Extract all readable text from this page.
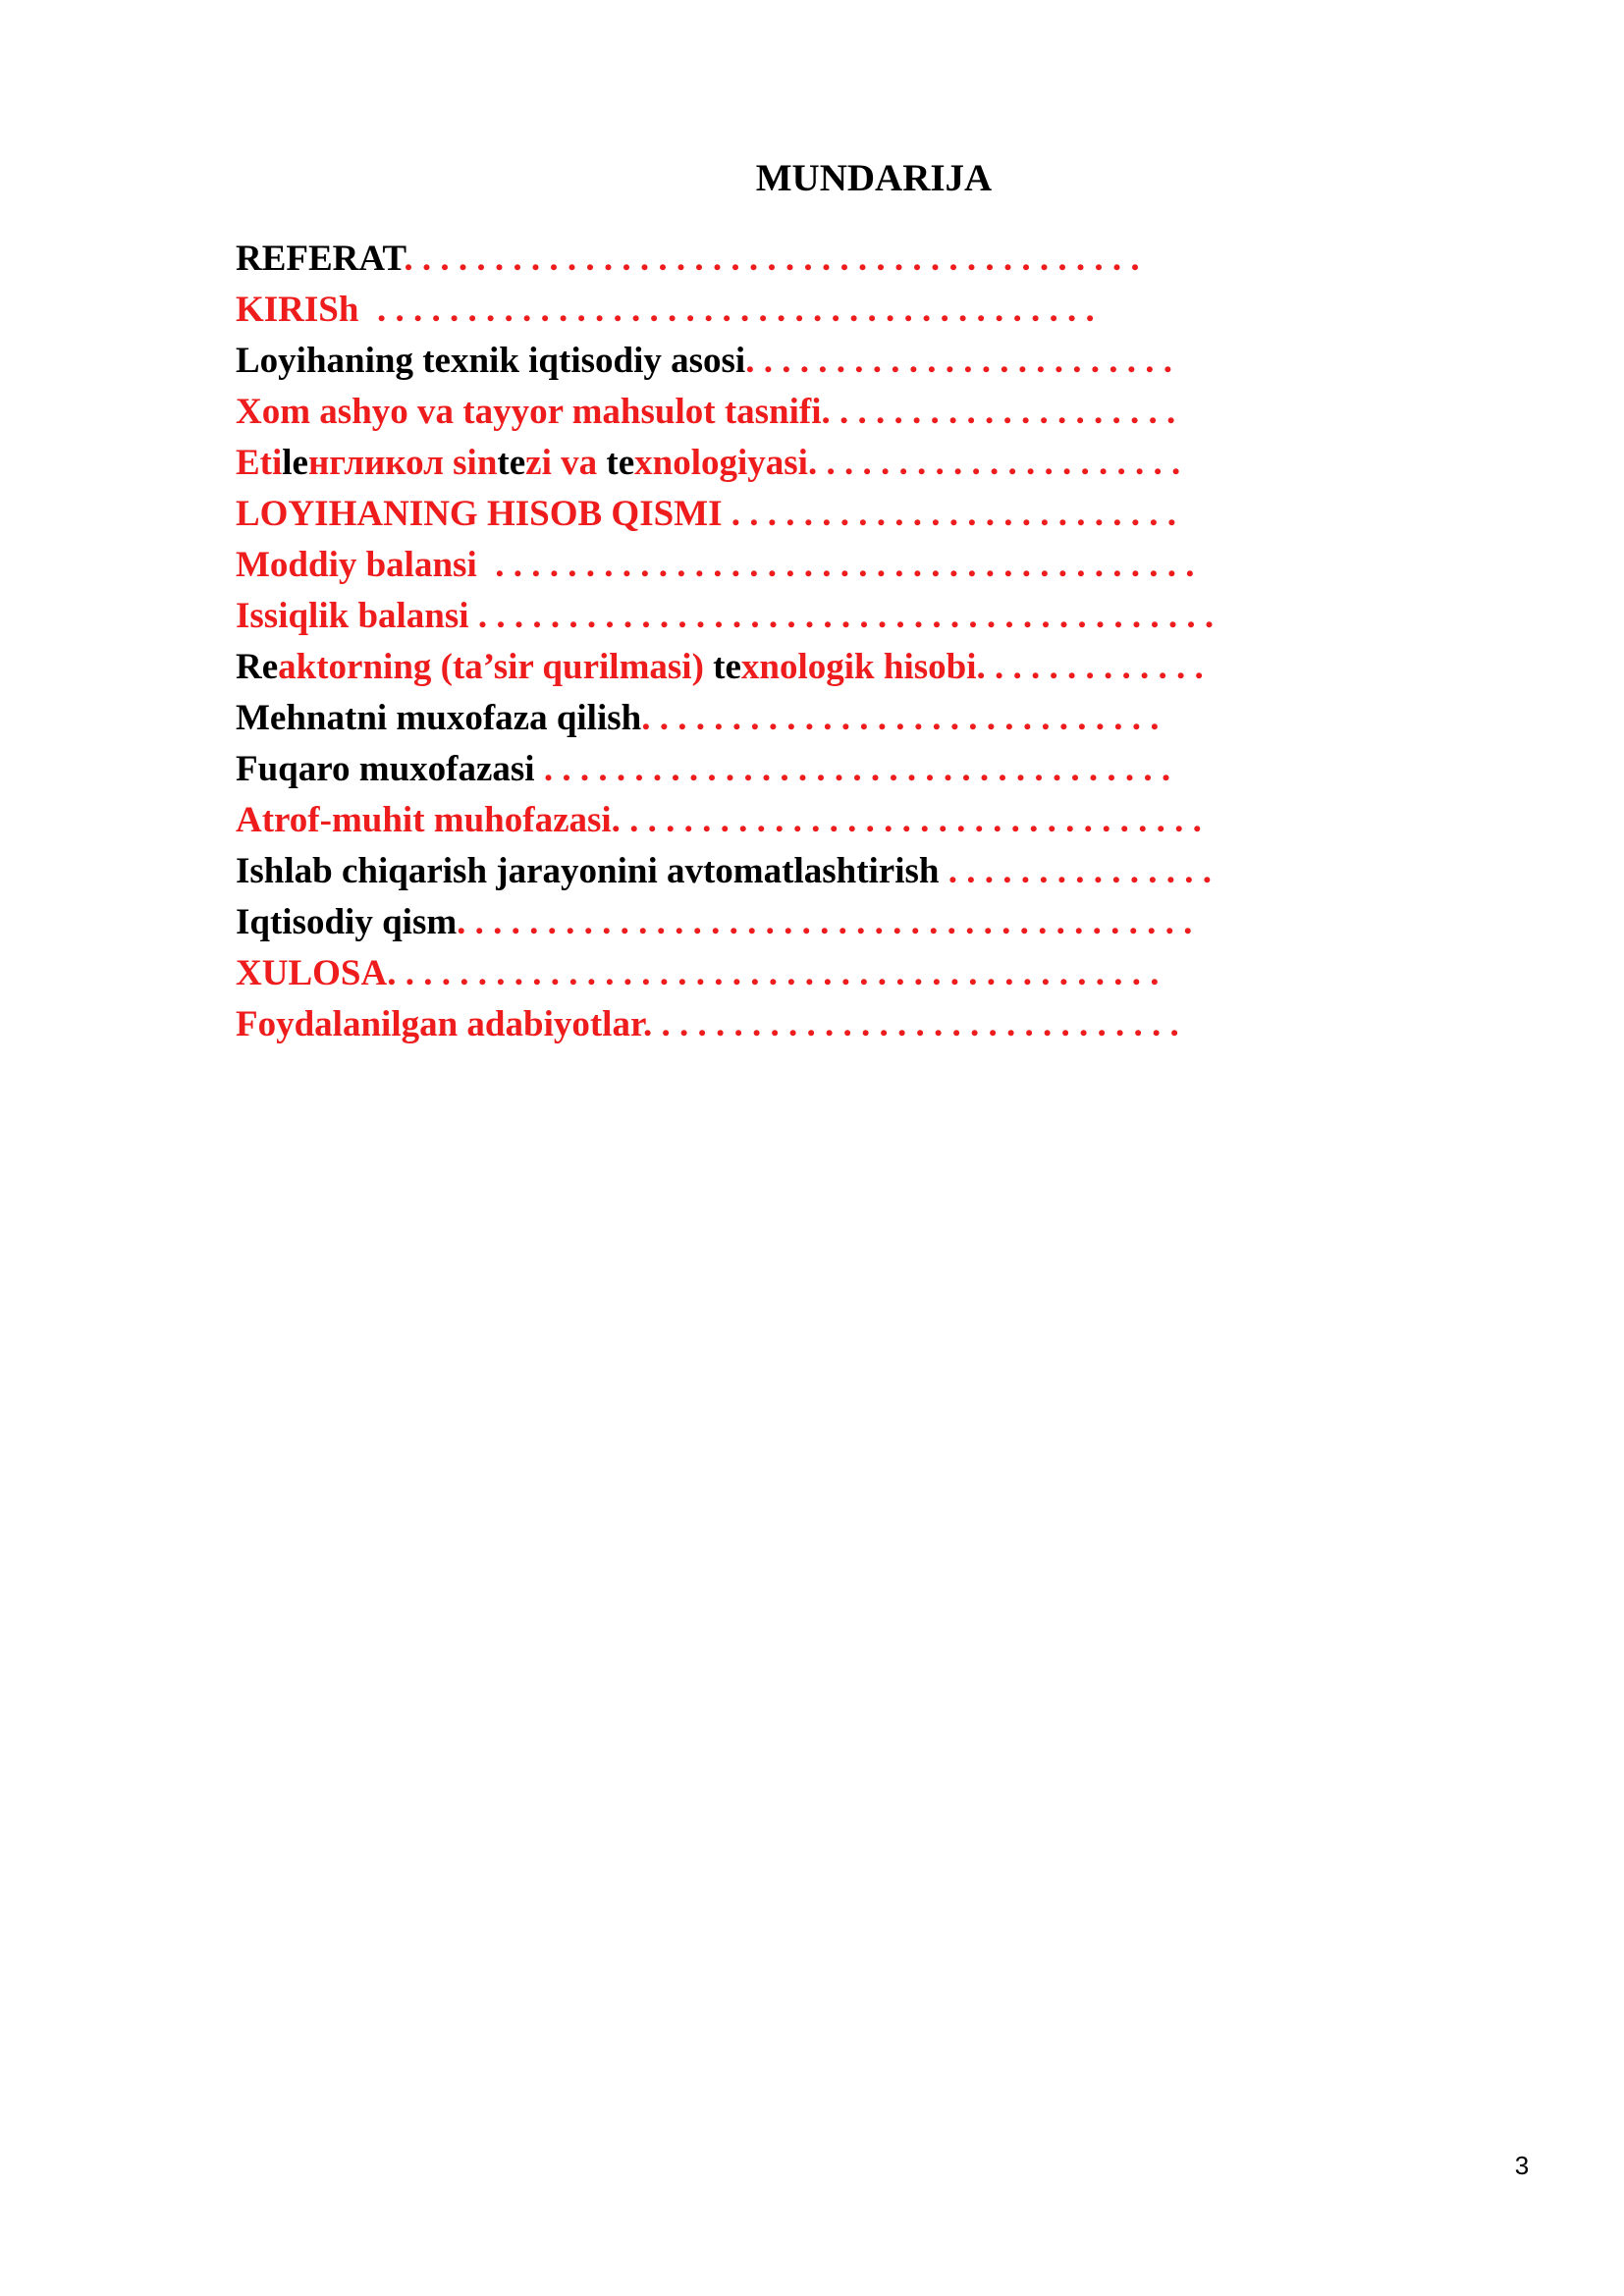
MUNDARIJA
REFERAT. . . . . . . . . . . . . . . . . . . . . . . . . . . . . . . . . . . . . . . . .
KIRISh  . . . . . . . . . . . . . . . . . . . . . . . . . . . . . . . . . . . . . . . .
Loyihaning texnik iqtisodiy asosi. . . . . . . . . . . . . . . . . . . . . . . .
Xom ashyo va tayyor mahsulot tasnifi. . . . . . . . . . . . . . . . . . . .
Etileнгликол sintezi va texnologiyasi. . . . . . . . . . . . . . . . . . . . .
LOYIHANING HISOB QISMI . . . . . . . . . . . . . . . . . . . . . . . . .
Moddiy balansi  . . . . . . . . . . . . . . . . . . . . . . . . . . . . . . . . . . . . . . .
Issiqlik balansi . . . . . . . . . . . . . . . . . . . . . . . . . . . . . . . . . . . . . . . . .
Reaktorning (ta’sir qurilmasi) texnologik hisobi. . . . . . . . . . . . .
Mehnatni muxofaza qilish. . . . . . . . . . . . . . . . . . . . . . . . . . . . .
Fuqaro muxofazasi . . . . . . . . . . . . . . . . . . . . . . . . . . . . . . . . . . .
Atrof-muhit muhofazasi. . . . . . . . . . . . . . . . . . . . . . . . . . . . . . . . .
Ishlab chiqarish jarayonini avtomatlashtirish . . . . . . . . . . . . . . .
Iqtisodiy qism. . . . . . . . . . . . . . . . . . . . . . . . . . . . . . . . . . . . . . . . .
XULOSA. . . . . . . . . . . . . . . . . . . . . . . . . . . . . . . . . . . . . . . . . . .
Foydalanilgan adabiyotlar. . . . . . . . . . . . . . . . . . . . . . . . . . . . . .
3
